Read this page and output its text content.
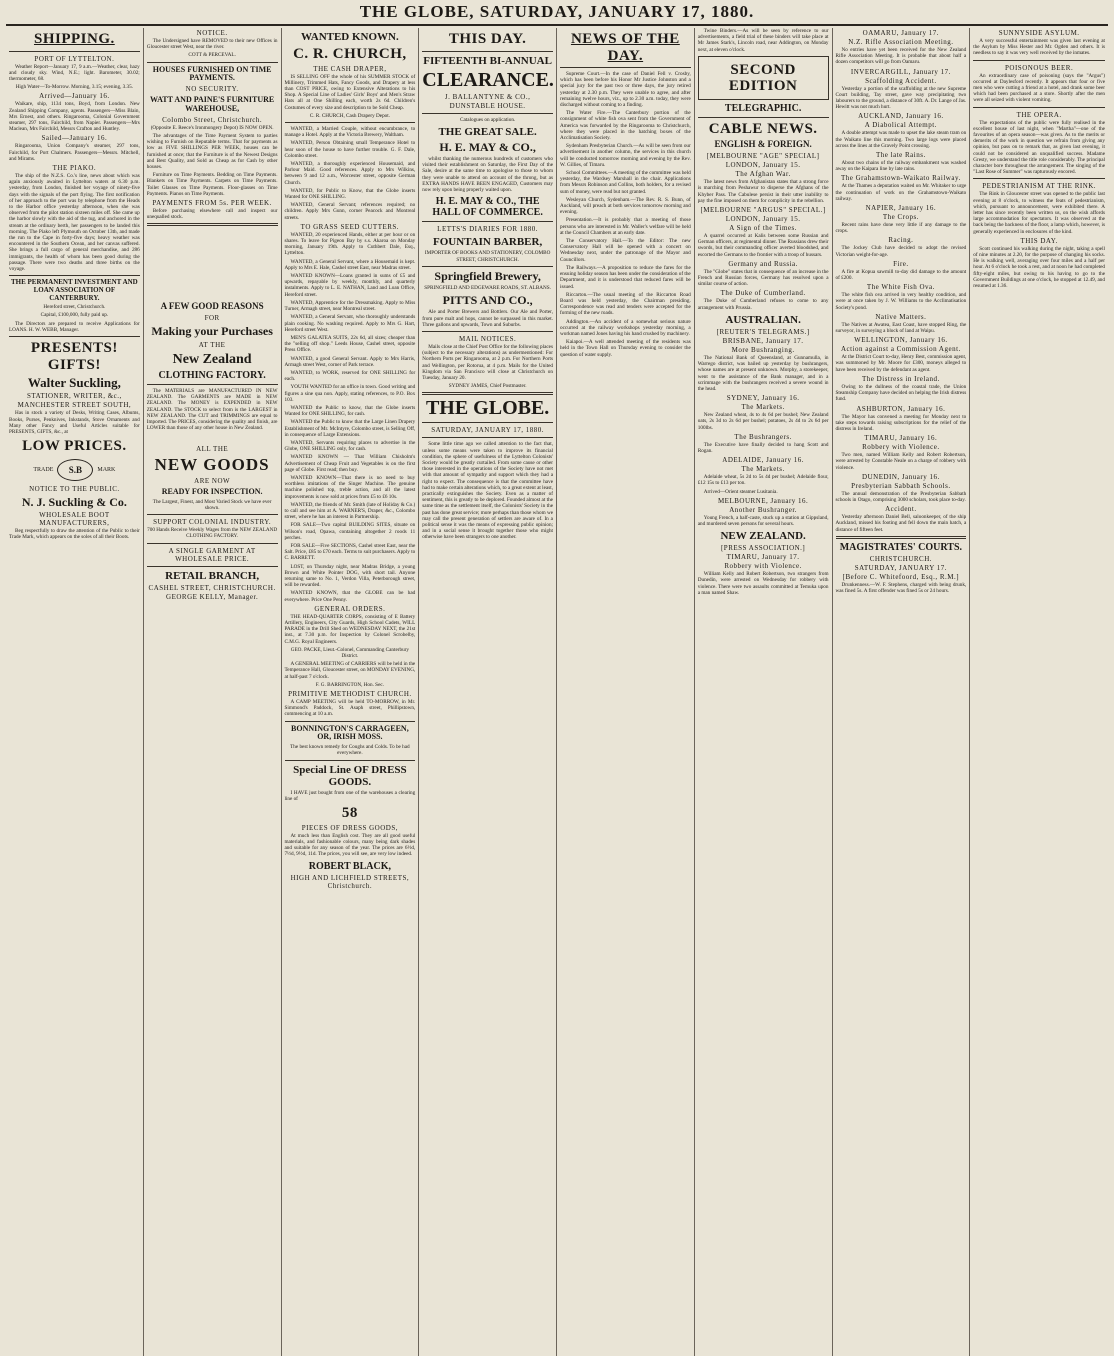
THE GLOBE, SATURDAY, JANUARY 17, 1880.
SHIPPING.
PORT OF LYTTELTON.

Weather Report—January 17, 9 a.m.—Weather, clear, hazy and cloudy sky. Wind, N.E.; light. Barometer, 30.02; thermometer, 68.

High Water—To-Morrow. Morning, 3.15; evening, 3.35.

Arrived—January 16.

Waikare, ship, 1134 tons, Boyd, from London. New Zealand Shipping Company, agents. Passengers—Miss Blain, Mrs Ernest, and others. Ringarooma, Colonial Government steamer, 297 tons, Fairchild, from Napier. Passengers—Mrs Maclean, Mrs Fairchild, Messrs Crafton and Huntley.

Sailed—January 16.

Ringarooma, Union Company's steamer, 297 tons, Fairchild, for Port Chalmers. Passengers—Messrs. Mitchell, and Mirams.

THE PIAKO.

The ship of the N.Z.S. Co.'s line, news about which was again anxiously awaited in Lyttelton waters at 6.30 p.m. yesterday, from London, finished her voyage of ninety-five days with the signals of the port flying. The first notification of her approach to the port was by telephone from the Heads to the Harbor office yesterday afternoon, when she was observed from the pilot station sixteen miles off. She came up the harbor slowly with the aid of the tug, and anchored in the stream at the ordinary berth, her passengers to be landed this morning. The Piako left Plymouth on October 13th, and made the run to the Cape in forty-five days; heavy weather was encountered in the Southern Ocean, and her canvas suffered. She brings a full cargo of general merchandise, and 286 immigrants, the health of whom has been good during the passage. There were two deaths and three births on the voyage.

THE PERMANENT INVESTMENT AND LOAN ASSOCIATION OF CANTERBURY.

Hereford street, Christchurch.

Capital, £100,000, fully paid up.

The Directors are prepared to receive Applications for LOANS. H. W. WEBB, Manager.

PRESENTS! GIFTS!
Walter Suckling,
STATIONER, WRITER, &c.,
MANCHESTER STREET SOUTH,

Has in stock a variety of Desks, Writing Cases, Albums, Books, Purses, Penknives, Inkstands, Stove Ornaments and Many other Fancy and Useful Articles suitable for PRESENTS, GIFTS, &c., at

LOW PRICES.
TRADE	S.B	MARK
NOTICE TO THE PUBLIC.
N. J. Suckling & Co.
WHOLESALE BOOT MANUFACTURERS,

Beg respectfully to draw the attention of the Public to their Trade Mark, which appears on the soles of all their Boots.

NOTICE.

The Undersigned have REMOVED to their new Offices in Gloucester street West, near the river.

COTT & PERCEVAL.

HOUSES FURNISHED ON TIME PAYMENTS.
NO SECURITY.
WATT AND PAINE'S FURNITURE WAREHOUSE,
Colombo Street, Christchurch.

(Opposite E. Reece's Ironmongery Depot) IS NOW OPEN.

The advantages of the Time Payment System to parties wishing to Furnish on Reputable terms. That for payments as low as FIVE SHILLINGS PER WEEK, houses can be furnished at once; that the Furniture is of the Newest Designs and Best Quality, and Sold as Cheap as for Cash by other houses.

Furniture on Time Payments. Bedding on Time Payments. Blankets on Time Payments. Carpets on Time Payments. Toilet Glasses on Time Payments. Floor-glasses on Time Payments. Pianos on Time Payments.

PAYMENTS FROM 5s. PER WEEK.

Before purchasing elsewhere call and inspect our unequalled stock.

A FEW GOOD REASONS
FOR
Making your Purchases
AT THE
New Zealand
CLOTHING FACTORY.

The MATERIALS are MANUFACTURED IN NEW ZEALAND. The GARMENTS are MADE in NEW ZEALAND. The MONEY is EXPENDED in NEW ZEALAND. The STOCK to select from is the LARGEST in NEW ZEALAND. The CUT and TRIMMINGS are equal to Imported. The PRICES, considering the quality and finish, are LOWER than those of any other house in New Zealand.

ALL THE
NEW GOODS
ARE NOW
READY FOR INSPECTION.

The Largest, Finest, and Most Varied Stock we have ever shown.

SUPPORT COLONIAL INDUSTRY.

700 Hands Receive Weekly Wages from the NEW ZEALAND CLOTHING FACTORY.

A SINGLE GARMENT AT WHOLESALE PRICE.
RETAIL BRANCH,
CASHEL STREET, CHRISTCHURCH.
GEORGE KELLY, Manager.
WANTED KNOWN.
C. R. CHURCH,
THE CASH DRAPER,

IS SELLING OFF the whole of his SUMMER STOCK of Millinery, Trimmed Hats, Fancy Goods, and Drapery at less than COST PRICE, owing to Extensive Alterations to his Shop. A Special Line of Ladies' Girls' Boys' and Men's Straw Hats all at One Shilling each, worth 2s 6d. Children's Costumes of every size and description to be Sold Cheap.

C. R. CHURCH, Cash Drapery Depot.

WANTED, a Married Couple, without encumbrance, to manage a Hotel. Apply at the Victoria Brewery, Waltham.

WANTED, Person Obtaining small Temperance Hotel to hear soon of the house to have further trouble. G. F. Dale, Colombo street.

WANTED, a thoroughly experienced Housemaid, and Parlour Maid. Good references. Apply to Mrs Wilkins, between 9 and 12 a.m., Worcester street, opposite German Church.

WANTED, for Public to Know, that the Globe inserts Wanted for ONE SHILLING.

WANTED, General Servant; references required; no children. Apply Mrs Gunn, corner Peacock and Montreal streets.

TO GRASS SEED CUTTERS.

WANTED, 20 experienced Hands, either at per hour or on shares. To leave for Pigeon Bay by s.s. Akaroa on Monday morning, January 19th. Apply to Cuthbert Dale, Esq., Lyttelton.

WANTED, a General Servant, where a Housemaid is kept. Apply to Mrs E. Hale, Cashel street East, near Madras street.

WANTED KNOWN—Loans granted in sums of £5 and upwards, repayable by weekly, monthly, and quarterly instalments. Apply to L. E. NATHAN, Land and Loan Office, Hereford street.

WANTED, Apprentice for the Dressmaking. Apply to Miss Turner, Armagh street, near Montreal street.

WANTED, a General Servant, who thoroughly understands plain cooking. No washing required. Apply to Mrs G. Hart, Hereford street West.

MEN'S GALATEA SUITS, 22s 6d, all sizes; cheaper than the "selling off shop." Leeds House, Cashel street, opposite Press Office.

WANTED, a good General Servant. Apply to Mrs Harris, Armagh street West, corner of Park terrace.

WANTED, to WORK, reserved for ONE SHILLING for each.

YOUTH WANTED for an office in town. Good writing and figures a sine qua non. Apply, stating references, to P.O. Box 103.

WANTED the Public to know, that the Globe inserts Wanted for ONE SHILLING, for cash.

WANTED the Public to know that the Large Linen Drapery Establishment of Mr. McIntyre, Colombo street, is Selling Off, in consequence of Large Extensions.

WANTED, Servants requiring places to advertise in the Globe, ONE SHILLING only, for cash.

WANTED KNOWN — That William Chisholm's Advertisement of Cheap Fruit and Vegetables is on the first page of Globe. First read; then buy.

WANTED KNOWN—That there is no need to buy worthless imitations of the Singer Machine. The genuine machine polished top, treble action, and all the latest improvements is now sold at prices from £5 to £6 10s.

WANTED, the friends of Mr. Smith (late of Holiday & Co.) to call and see him at A. WARNER'S, Draper, &c., Colombo street, where he has an interest in Partnership.

FOR SALE—Two capital BUILDING SITES, situate on Wilson's road, Opawa, containing altogether 2 roods 11 perches.

FOR SALE—Five SECTIONS, Cashel street East, near the Salt. Price, £85 to £70 each. Terms to suit purchasers. Apply to C. BARRETT.

LOST, on Thursday night, near Madras Bridge, a young Brown and White Pointer DOG, with short tail. Anyone returning same to No. 1, Verdon Villa, Peterborough street, will be rewarded.

WANTED KNOWN, that the GLOBE can be had everywhere. Price One Penny.

GENERAL ORDERS.

THE HEAD-QUARTER CORPS, consisting of E Battery Artillery, Engineers, City Guards, High School Cadets, WILL PARADE in the Drill Shed on WEDNESDAY NEXT, the 21st inst., at 7.30 p.m. for Inspection by Colonel Scrobelby, C.M.G. Royal Engineers.

GEO. PACKE, Lieut.-Colonel, Commanding Canterbury District.

A GENERAL MEETING of CARRIERS will be held in the Temperance Hall, Gloucester street, on MONDAY EVENING, at half-past 7 o'clock.

F. G. BARRINGTON, Hon. Sec.

PRIMITIVE METHODIST CHURCH.

A CAMP MEETING will be held TO-MORROW, in Mr. Simmond's Paddock, St. Asaph street, Phillipstown, commencing at 10 a.m.

BONNINGTON'S CARRAGEEN, OR, IRISH MOSS.

The best known remedy for Coughs and Colds. To be had everywhere.

Special Line OF DRESS GOODS.

I HAVE just bought from one of the warehouses a clearing line of

58
PIECES OF DRESS GOODS,

At much less than English cost. They are all good useful materials, and fashionable colours, many being dark shades and suitable for any season of the year. The prices are 6½d, 7½d, 9½d, 11d. The prices, you will see, are very low indeed.

ROBERT BLACK,
HIGH AND LICHFIELD STREETS, Christchurch.
THIS DAY.
FIFTEENTH BI-ANNUAL
CLEARANCE.
J. BALLANTYNE & CO.,
DUNSTABLE HOUSE.

Catalogues on application.

THE GREAT SALE.
H. E. MAY & CO.,

whilst thanking the numerous hundreds of customers who visited their establishment on Saturday, the First Day of the Sale, desire at the same time to apologise to those to whom they were unable to attend on account of the throng, but as EXTRA HANDS HAVE BEEN ENGAGED, Customers may now rely upon being properly waited upon.

H. E. MAY & CO., THE HALL OF COMMERCE.
LETTS'S DIARIES FOR 1880.
FOUNTAIN BARBER,

IMPORTER OF BOOKS AND STATIONERY, COLOMBO STREET, CHRISTCHURCH.

Springfield Brewery,

SPRINGFIELD AND EDGEWARE ROADS, ST. ALBANS.

PITTS AND CO.,

Ale and Porter Brewers and Bottlers. Our Ale and Porter, from pure malt and hops, cannot be surpassed in this market. Three gallons and upwards, Town and Suburbs.

MAIL NOTICES.

Mails close at the Chief Post Office for the following places (subject to the necessary alterations) as undermentioned: For Northern Ports per Ringarooma, at 2 p.m. For Northern Ports and Wellington, per Rotorua, at 4 p.m. Mails for the United Kingdom via San Francisco will close at Christchurch on Tuesday, January 20.

SYDNEY JAMES, Chief Postmaster.

THE GLOBE.
SATURDAY, JANUARY 17, 1880.

Some little time ago we called attention to the fact that, unless some means were taken to improve its financial condition, the sphere of usefulness of the Lyttelton Colonists' Society would be greatly curtailed. From some cause or other those interested in the operations of the Society have not met with that amount of sympathy and support which they had a right to expect. The consequence is that the committee have had to make certain alterations which, to a great extent at least, practically extinguishes the Society. Even as a matter of sentiment, this is greatly to be deplored. Founded almost at the same time as the settlement itself, the Colonists' Society in the past has done great service; more perhaps than those whom we may call the present generation of settlers are aware of. In a political sense it was the means of expressing public opinion; and in a social sense it brought together those who might otherwise have been strangers to one another.

NEWS OF THE DAY.

Supreme Court.—In the case of Daniel Fell v. Crosby, which has been before his Honor Mr Justice Johnston and a special jury for the past two or three days, the jury retired yesterday at 2.30 p.m. They were unable to agree, and after remaining twelve hours, viz., up to 2.30 a.m. today, they were discharged without coming to a finding.

The Water Fire.—The Canterbury portion of the consignment of white fish ova sent from the Government of America was forwarded by the Ringarooma to Christchurch, where they were placed in the hatching boxes of the Acclimatisation Society.

Sydenham Presbyterian Church.—As will be seen from our advertisement in another column, the services in this church will be conducted tomorrow morning and evening by the Rev. W. Gillies, of Timaru.

School Committees.—A meeting of the committee was held yesterday, the Wardsey Marshall in the chair. Applications from Messrs Robinson and Collins, both holders, for a revised sum of money, were read but not granted.

Wesleyan Church, Sydenham.—The Rev. R. S. Bunn, of Auckland, will preach at both services tomorrow morning and evening.

Presentation.—It is probably that a meeting of those persons who are interested in Mr. Waller's welfare will be held at the Council Chambers at an early date.

The Conservatory Hall.—To the Editor: The new Conservatory Hall will be opened with a concert on Wednesday next, under the patronage of the Mayor and Councillors.

The Railways.—A proposition to reduce the fares for the ensuing holiday season has been under the consideration of the Department, and it is understood that reduced fares will be issued.

Riccarton.—The usual meeting of the Riccarton Road Board was held yesterday, the Chairman presiding. Correspondence was read and tenders were accepted for the forming of the new roads.

Addington.—An accident of a somewhat serious nature occurred at the railway workshops yesterday morning, a workman named Jones having his hand crushed by machinery.

Kaiapoi.—A well attended meeting of the residents was held in the Town Hall on Thursday evening to consider the question of water supply.

Twine Binders.—As will be seen by reference to our advertisements, a field trial of these binders will take place at Mr James Stark's, Lincoln road, near Addington, on Monday next, at eleven o'clock.

SECOND EDITION
TELEGRAPHIC.
CABLE NEWS.
ENGLISH & FOREIGN.
[MELBOURNE "AGE" SPECIAL]
LONDON, January 15.
The Afghan War.

The latest news from Afghanistan states that a strong force is marching from Peshawur to disperse the Afghans of the Khyber Pass. The Cabulese persist in their utter inability to pay the fine imposed on them for complicity in the rebellion.

[MELBOURNE "ARGUS" SPECIAL.]
LONDON, January 15.
A Sign of the Times.

A quarrel occurred at Kalis between some Russian and German officers, at regimental dinner. The Russians drew their swords, but their commanding officer averted bloodshed, and escorted the Germans to the frontier with a troop of hussars.

Germany and Russia.

The "Globe" states that in consequence of an increase in the French and Russian forces, Germany has resolved upon a similar course of action.

The Duke of Cumberland.

The Duke of Cumberland refuses to come to any arrangement with Prussia.

AUSTRALIAN.
[REUTER'S TELEGRAMS.]
BRISBANE, January 17.
More Bushranging.

The National Bank of Queensland, at Gunnamulla, in Warrego district, was bailed up yesterday by bushrangers, whose names are at present unknown. Morphy, a storekeeper, went to the assistance of the Bank manager, and in a scrimmage with the bushrangers received a severe wound in the head.

SYDNEY, January 16.
The Markets.

New Zealand wheat, 4s to 4s 6d per bushel; New Zealand oats, 2s 3d to 2s 6d per bushel; potatoes, 2s 4d to 2s 6d per 100lbs.

The Bushrangers.

The Executive have finally decided to hang Scott and Rogan.

ADELAIDE, January 16.
The Markets.

Adelaide wheat, 5s 2d to 5s 4d per bushel; Adelaide flour, £12 15s to £13 per ton.

Arrived—Orient steamer Lusitania.

MELBOURNE, January 16.
Another Bushranger.

Young French, a half-caste, stuck up a station at Gippsland, and murdered seven persons for several hours.

NEW ZEALAND.
[PRESS ASSOCIATION.]
TIMARU, January 17.
Robbery with Violence.

William Kelly and Robert Robertson, two strangers from Dunedin, were arrested on Wednesday for robbery with violence. There were two assaults committed at Temuka upon a man named Shaw.

OAMARU, January 17.
N.Z. Rifle Association Meeting.

No entries have yet been received for the New Zealand Rifle Association Meeting. It is probable that about half a dozen competitors will go from Oamaru.

INVERCARGILL, January 17.
Scaffolding Accident.

Yesterday a portion of the scaffolding at the new Supreme Court building, Tay street, gave way precipitating two labourers to the ground, a distance of 30ft. A. Dr. Lange of Jas. Hewitt was not much hurt.

AUCKLAND, January 16.
A Diabolical Attempt.

A double attempt was made to upset the lake steam tram on the Waikato line this morning. Two large logs were placed across the lines at the Gravely Point crossing.

The late Rains.

About two chains of the railway embankment was washed away on the Kaipara line by late rains.

The Grahamstown-Waikato Railway.

At the Thames a deputation waited on Mr. Whitaker to urge the continuation of work on the Grahamstown-Waikato railway.

NAPIER, January 16.
The Crops.

Recent rains have done very little if any damage to the crops.

Racing.

The Jockey Club have decided to adopt the revised Victorian weight-for-age.

Fire.

A fire at Kopua sawmill to-day did damage to the amount of £200.

The White Fish Ova.

The white fish ova arrived in very healthy condition, and were at once taken by J. W. Williams to the Acclimatisation Society's pond.

Native Matters.

The Natives at Awatea, East Coast, have stopped Ring, the surveyor, in surveying a block of land at Waipu.

WELLINGTON, January 16.
Action against a Commission Agent.

At the District Court to-day, Henry Best, commission agent, was summoned by Mr. Moore for £300, moneys alleged to have been received by the defendant as agent.

The Distress in Ireland.

Owing to the dullness of the coastal trade, the Union Steamship Company have decided on helping the Irish distress fund.

ASHBURTON, January 16.

The Mayor has convened a meeting for Monday next to take steps towards raising subscriptions for the relief of the distress in Ireland.

TIMARU, January 16.
Robbery with Violence.

Two men, named William Kelly and Robert Robertson, were arrested by Constable Neale on a charge of robbery with violence.

DUNEDIN, January 16.
Presbyterian Sabbath Schools.

The annual demonstration of the Presbyterian Sabbath schools in Otago, comprising 3000 scholars, took place to-day.

Accident.

Yesterday afternoon Daniel Bell, saloonkeeper, of the ship Auckland, missed his footing and fell down the main hatch, a distance of fifteen feet.

MAGISTRATES' COURTS.
CHRISTCHURCH.
SATURDAY, JANUARY 17.
[Before C. Whitefoord, Esq., R.M.]

Drunkenness.—W. F. Stephens, charged with being drunk, was fined 5s. A first offender was fined 5s or 24 hours.

SUNNYSIDE ASYLUM.

A very successful entertainment was given last evening at the Asylum by Miss Hester and Mr. Ogden and others. It is needless to say it was very well received by the inmates.

POISONOUS BEER.

An extraordinary case of poisoning (says the "Argus") occurred at Daylesford recently. It appears that four or five men who were cutting a friend at a hotel, and drank some beer which had been purchased at a store. Shortly after the men were all seized with violent vomiting.

THE OPERA.

The expectations of the public were fully realised in the excellent house of last night, when "Martha"—one of the favourites of an opera season—was given. As to the merits or demerits of the work in question we refrain from giving any opinion, but pass on to remark that, as given last evening, it could not be considered an unqualified success. Madame Gresty, we understand the title role considerably. The principal character bore throughout the arrangement. The singing of the "Last Rose of Summer" was rapturously encored.

PEDESTRIANISM AT THE RINK.

The Rink in Gloucester street was opened to the public last evening at 8 o'clock, to witness the feats of pedestrianism, which, pursuant to announcement, were exhibited there. A letter has since recently been written us, on the wish affords large accommodation for spectators. It was observed at the back being the backness of the floor, a lamp which, however, is generally experienced in enclosures of the kind.

THIS DAY.

Scott continued his walking during the night, taking a spell of nine minutes at 2.20, for the purpose of changing his socks. He is walking well, averaging over four miles and a half per hour. At 6 o'clock he took a rest, and at noon he had completed fifty-eight miles, but owing to his having to go to the Government Buildings at one o'clock, he stopped at 12.49, and resumed at 1.36.
